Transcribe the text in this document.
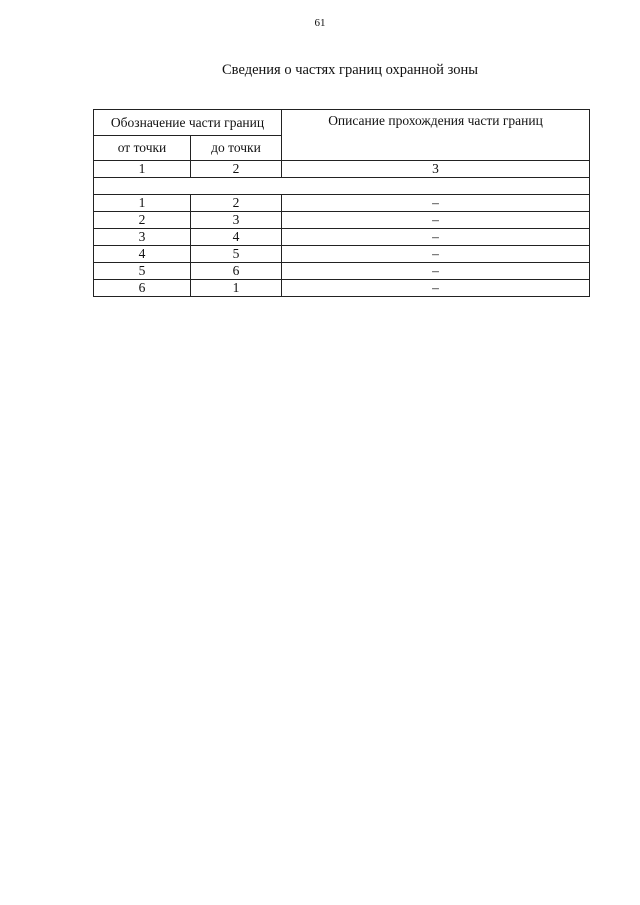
61
Сведения о частях границ охранной зоны
Обозначение части границ		Описание прохождения части границ
от точки	до точки	
1	2	3

1	2	–
2	3	–
3	4	–
4	5	–
5	6	–
6	1	–
